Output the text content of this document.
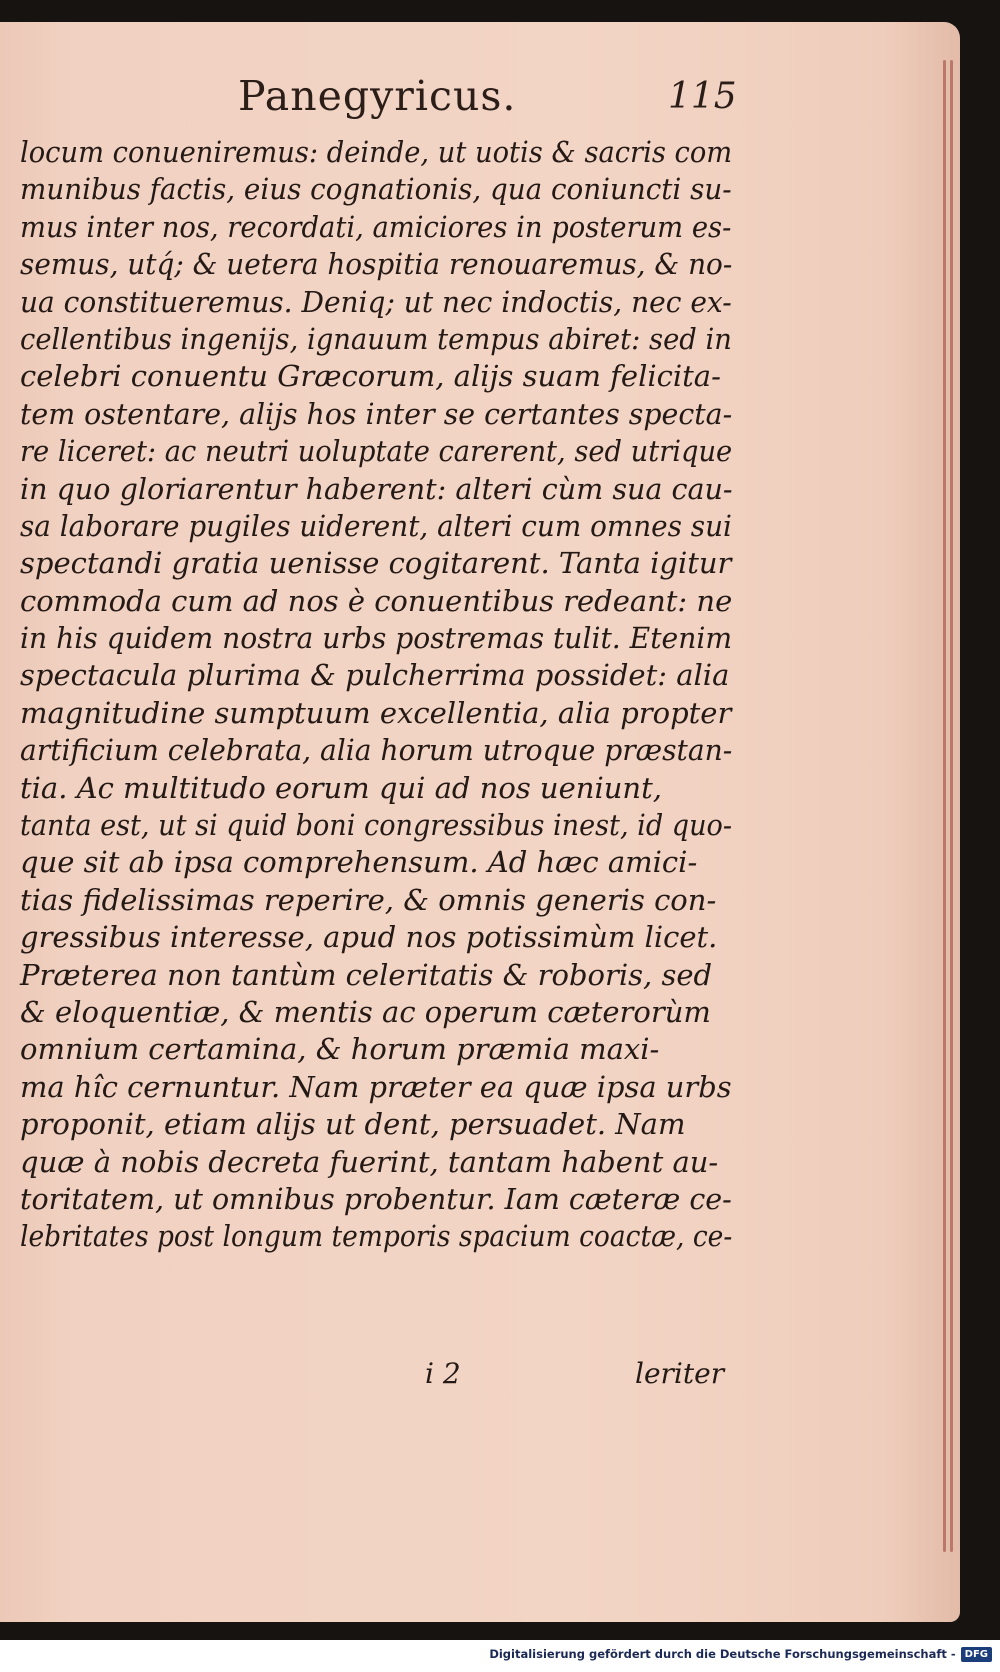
Panegyricus.	115
locum conueniremus: deinde, ut uotis & sacris com
munibus factis, eius cognationis, qua coniuncti su-
mus inter nos, recordati, amiciores in posterum es-
semus, utq́; & uetera hospitia renouaremus, & no-
ua constitueremus. Deniq; ut nec indoctis, nec ex-
cellentibus ingenijs, ignauum tempus abiret: sed in
celebri conuentu Græcorum, alijs suam felicita-
tem ostentare, alijs hos inter se certantes specta-
re liceret: ac neutri uoluptate carerent, sed utrique
in quo gloriarentur haberent: alteri cùm sua cau-
sa laborare pugiles uiderent, alteri cum omnes sui
spectandi gratia uenisse cogitarent. Tanta igitur
commoda cum ad nos è conuentibus redeant: ne
in his quidem nostra urbs postremas tulit. Etenim
spectacula plurima & pulcherrima possidet: alia
magnitudine sumptuum excellentia, alia propter
artificium celebrata, alia horum utroque præstan-
tia. Ac multitudo eorum qui ad nos ueniunt,
tanta est, ut si quid boni congressibus inest, id quo-
que sit ab ipsa comprehensum. Ad hæc amici-
tias fidelissimas reperire, & omnis generis con-
gressibus interesse, apud nos potissimùm licet.
Præterea non tantùm celeritatis & roboris, sed
& eloquentiæ, & mentis ac operum cæterorùm
omnium certamina, & horum præmia maxi-
ma hîc cernuntur. Nam præter ea quæ ipsa urbs
proponit, etiam alijs ut dent, persuadet. Nam
quæ à nobis decreta fuerint, tantam habent au-
toritatem, ut omnibus probentur. Iam cæteræ ce-
lebritates post longum temporis spacium coactæ, ce-
i 2	leriter
Digitalisierung gefördert durch die Deutsche Forschungsgemeinschaft - DFG
